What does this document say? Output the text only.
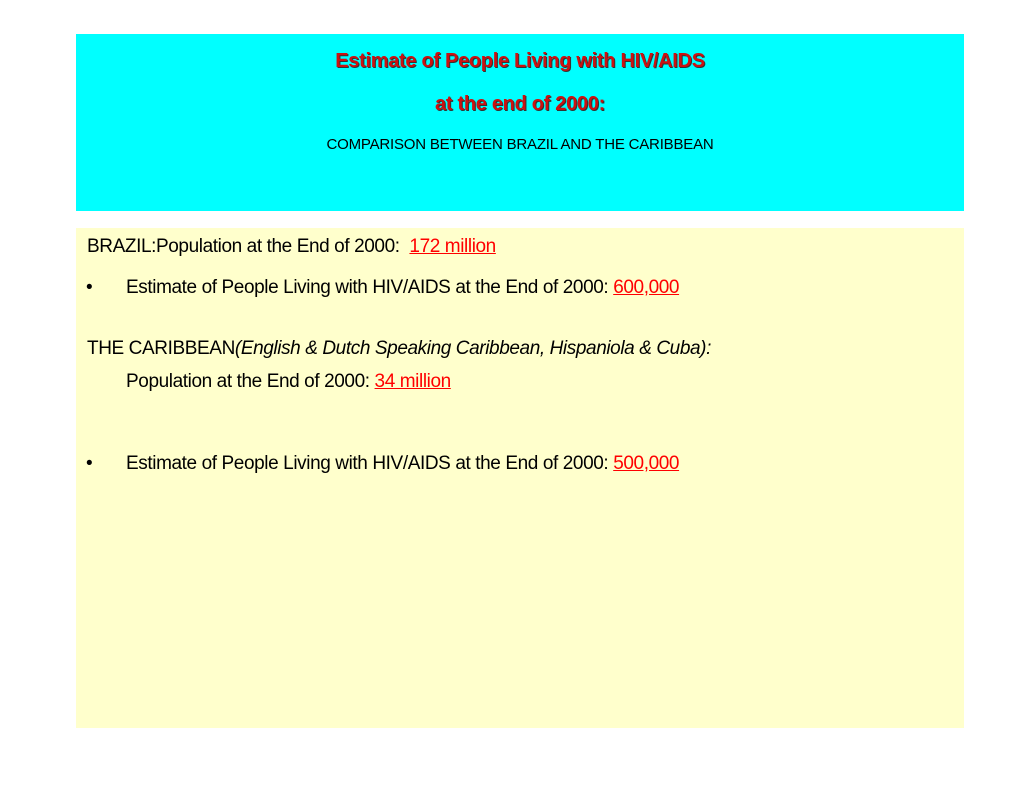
Estimate of People Living with HIV/AIDS
at the end of 2000:
COMPARISON BETWEEN BRAZIL AND THE CARIBBEAN
BRAZIL:Population at the End of 2000: 172 million
• Estimate of People Living with HIV/AIDS at the End of 2000: 600,000
THE CARIBBEAN(English & Dutch Speaking Caribbean, Hispaniola & Cuba):
Population at the End of 2000: 34 million
• Estimate of People Living with HIV/AIDS at the End of 2000: 500,000
